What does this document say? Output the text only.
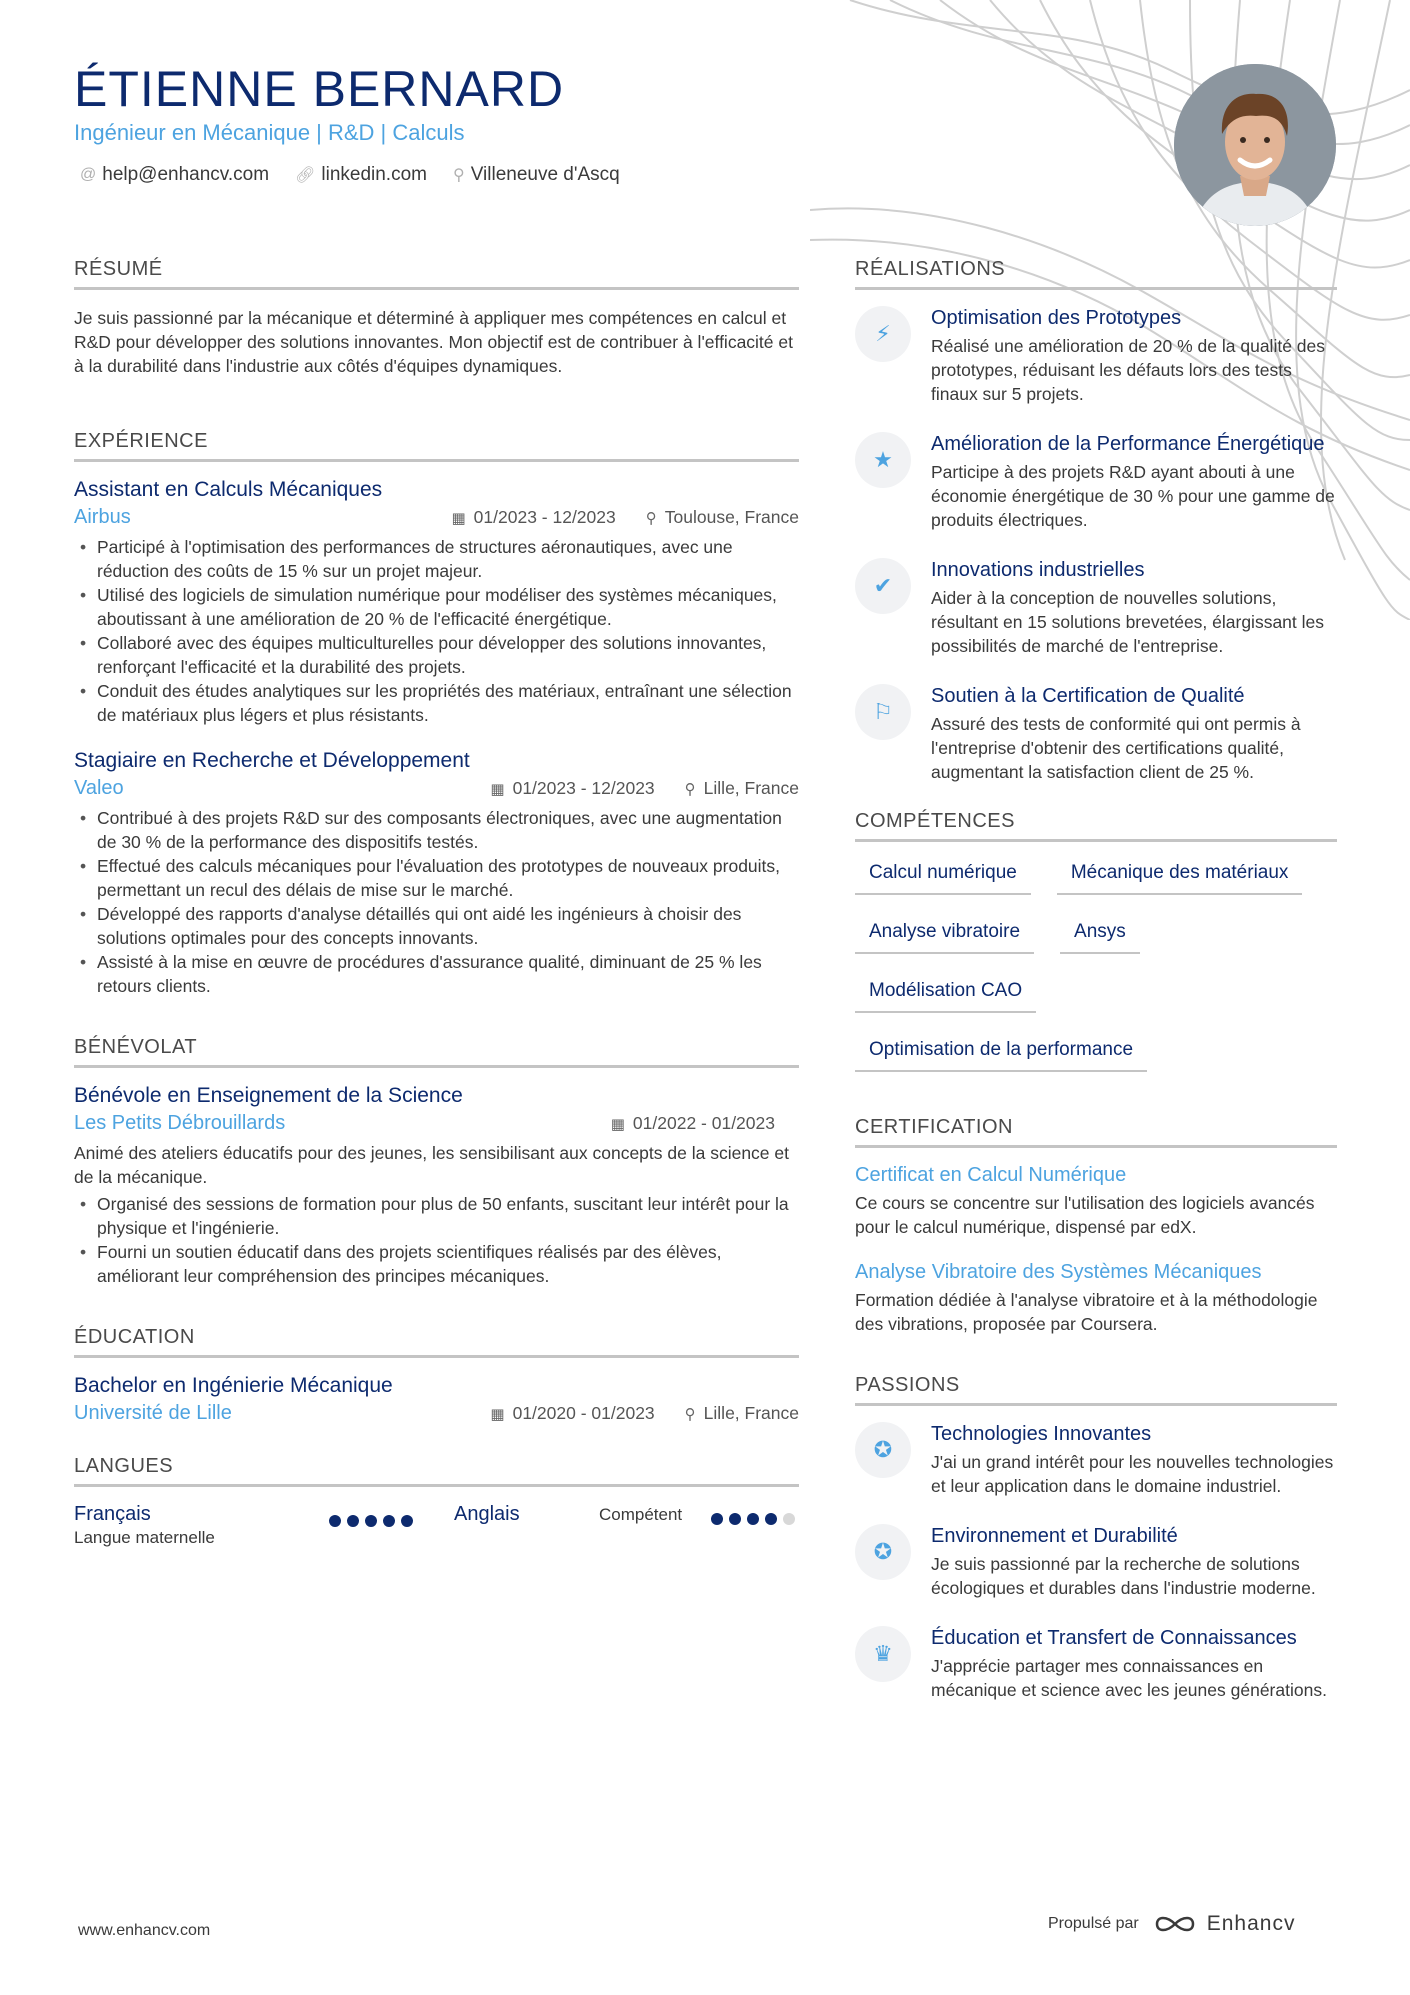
ÉTIENNE BERNARD
Ingénieur en Mécanique | R&D | Calculs
@ help@enhancv.com 🔗︎ linkedin.com ⚲ Villeneuve d'Ascq
RÉSUMÉ

Je suis passionné par la mécanique et déterminé à appliquer mes compétences en calcul et R&D pour développer des solutions innovantes. Mon objectif est de contribuer à l'efficacité et à la durabilité dans l'industrie aux côtés d'équipes dynamiques.

EXPÉRIENCE
Assistant en Calculs Mécaniques
Airbus	▦ 01/2023 - 12/2023 ⚲ Toulouse, France
• Participé à l'optimisation des performances de structures aéronautiques, avec une réduction des coûts de 15 % sur un projet majeur.
• Utilisé des logiciels de simulation numérique pour modéliser des systèmes mécaniques, aboutissant à une amélioration de 20 % de l'efficacité énergétique.
• Collaboré avec des équipes multiculturelles pour développer des solutions innovantes, renforçant l'efficacité et la durabilité des projets.
• Conduit des études analytiques sur les propriétés des matériaux, entraînant une sélection de matériaux plus légers et plus résistants.
Stagiaire en Recherche et Développement
Valeo	▦ 01/2023 - 12/2023 ⚲ Lille, France
• Contribué à des projets R&D sur des composants électroniques, avec une augmentation de 30 % de la performance des dispositifs testés.
• Effectué des calculs mécaniques pour l'évaluation des prototypes de nouveaux produits, permettant un recul des délais de mise sur le marché.
• Développé des rapports d'analyse détaillés qui ont aidé les ingénieurs à choisir des solutions optimales pour des concepts innovants.
• Assisté à la mise en œuvre de procédures d'assurance qualité, diminuant de 25 % les retours clients.
BÉNÉVOLAT
Bénévole en Enseignement de la Science
Les Petits Débrouillards	▦ 01/2022 - 01/2023

Animé des ateliers éducatifs pour des jeunes, les sensibilisant aux concepts de la science et de la mécanique.

• Organisé des sessions de formation pour plus de 50 enfants, suscitant leur intérêt pour la physique et l'ingénierie.
• Fourni un soutien éducatif dans des projets scientifiques réalisés par des élèves, améliorant leur compréhension des principes mécaniques.
ÉDUCATION
Bachelor en Ingénierie Mécanique
Université de Lille	▦ 01/2020 - 01/2023 ⚲ Lille, France
LANGUES
Français
Langue maternelle
Anglais	Compétent
RÉALISATIONS
⚡︎
Optimisation des Prototypes
Réalisé une amélioration de 20 % de la qualité des prototypes, réduisant les défauts lors des tests finaux sur 5 projets.
★
Amélioration de la Performance Énergétique
Participe à des projets R&D ayant abouti à une économie énergétique de 30 % pour une gamme de produits électriques.
✔
Innovations industrielles
Aider à la conception de nouvelles solutions, résultant en 15 solutions brevetées, élargissant les possibilités de marché de l'entreprise.
⚐
Soutien à la Certification de Qualité
Assuré des tests de conformité qui ont permis à l'entreprise d'obtenir des certifications qualité, augmentant la satisfaction client de 25 %.
COMPÉTENCES
Calcul numérique	Mécanique des matériaux
Analyse vibratoire	Ansys
Modélisation CAO
Optimisation de la performance
CERTIFICATION
Certificat en Calcul Numérique
Ce cours se concentre sur l'utilisation des logiciels avancés pour le calcul numérique, dispensé par edX.
Analyse Vibratoire des Systèmes Mécaniques
Formation dédiée à l'analyse vibratoire et à la méthodologie des vibrations, proposée par Coursera.
PASSIONS
✪
Technologies Innovantes
J'ai un grand intérêt pour les nouvelles technologies et leur application dans le domaine industriel.
✪
Environnement et Durabilité
Je suis passionné par la recherche de solutions écologiques et durables dans l'industrie moderne.
♛
Éducation et Transfert de Connaissances
J'apprécie partager mes connaissances en mécanique et science avec les jeunes générations.
www.enhancv.com	Propulsé par	Enhancv
